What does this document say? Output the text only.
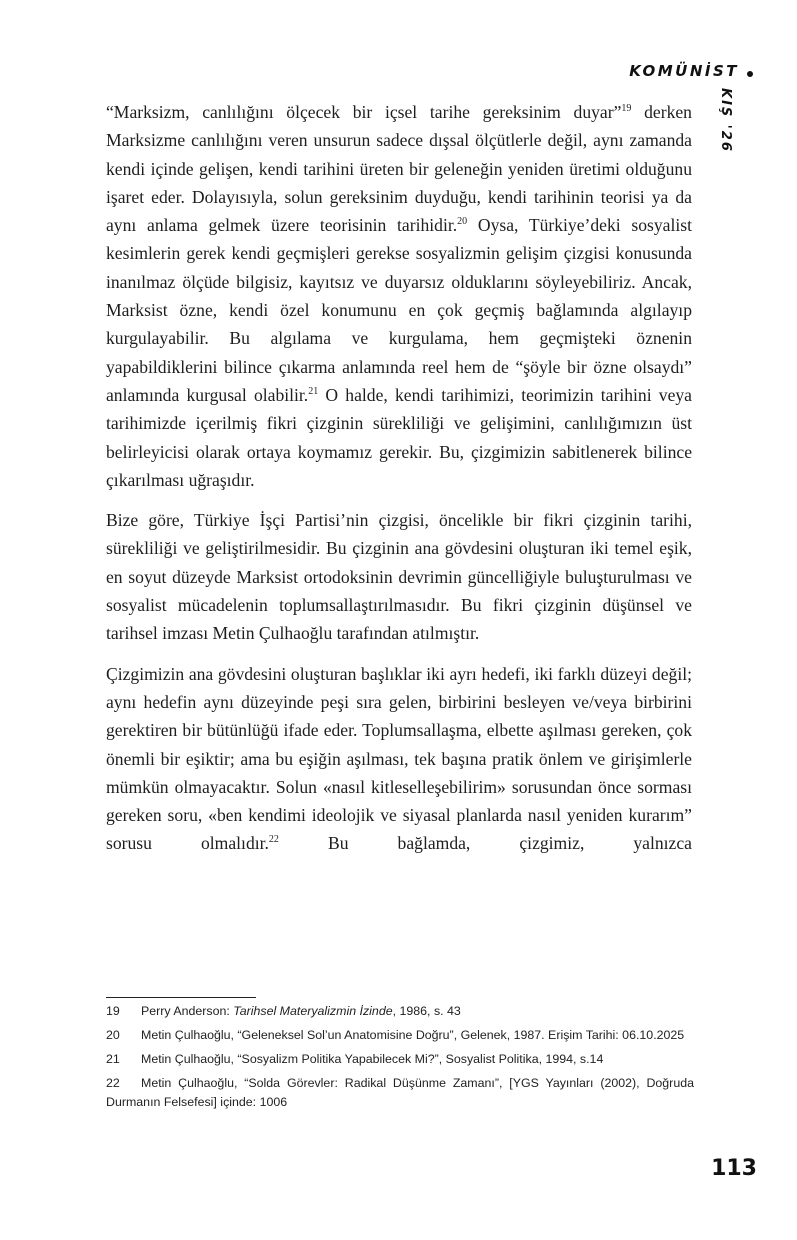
KOMÜNİST
KIŞ '26

“Marksizm, canlılığını ölçecek bir içsel tarihe gereksinim duyar”$^{19}$ derken Marksizme canlılığını veren unsurun sadece dışsal ölçütlerle değil, aynı zamanda kendi içinde gelişen, kendi tarihini üreten bir geleneğin yeniden üretimi olduğunu işaret eder. Dolayısıyla, solun gereksinim duyduğu, kendi tarihinin teorisi ya da aynı anlama gelmek üzere teorisinin tarihidir.$^{20}$ Oysa, Türkiye’deki sosyalist kesimlerin gerek kendi geçmişleri gerekse sosyalizmin gelişim çizgisi konusunda inanılmaz ölçüde bilgisiz, kayıtsız ve duyarsız olduklarını söyleyebiliriz. Ancak, Marksist özne, kendi özel konumunu en çok geçmiş bağlamında algılayıp kurgulayabilir. Bu algılama ve kurgulama, hem geçmişteki öznenin yapabildiklerini bilince çıkarma anlamında reel hem de “şöyle bir özne olsaydı” anlamında kurgusal olabilir.$^{21}$ O halde, kendi tarihimizi, teorimizin tarihini veya tarihimizde içerilmiş fikri çizginin sürekliliği ve gelişimini, canlılığımızın üst belirleyicisi olarak ortaya koymamız gerekir. Bu, çizgimizin sabitlenerek bilince çıkarılması uğraşıdır.

Bize göre, Türkiye İşçi Partisi’nin çizgisi, öncelikle bir fikri çizginin tarihi, sürekliliği ve geliştirilmesidir. Bu çizginin ana gövdesini oluşturan iki temel eşik, en soyut düzeyde Marksist ortodoksinin devrimin güncelliğiyle buluşturulması ve sosyalist mücadelenin toplumsallaştırılmasıdır. Bu fikri çizginin düşünsel ve tarihsel imzası Metin Çulhaoğlu tarafından atılmıştır.

Çizgimizin ana gövdesini oluşturan başlıklar iki ayrı hedefi, iki farklı düzeyi değil; aynı hedefin aynı düzeyinde peşi sıra gelen, birbirini besleyen ve/veya birbirini gerektiren bir bütünlüğü ifade eder. Toplumsallaşma, elbette aşılması gereken, çok önemli bir eşiktir; ama bu eşiğin aşılması, tek başına pratik önlem ve girişimlerle mümkün olmayacaktır. Solun «nasıl kitleselleşebilirim» sorusundan önce sorması gereken soru, «ben kendimi ideolojik ve siyasal planlarda nasıl yeniden kurarım” sorusu olmalıdır.$^{22}$ Bu bağlamda, çizgimiz, yalnızca

19 Perry Anderson: Tarihsel Materyalizmin İzinde, 1986, s. 43
20 Metin Çulhaoğlu, “Geleneksel Sol’un Anatomisine Doğru”, Gelenek, 1987. Erişim Tarihi: 06.10.2025
21 Metin Çulhaoğlu, “Sosyalizm Politika Yapabilecek Mi?”, Sosyalist Politika, 1994, s.14
22 Metin Çulhaoğlu, “Solda Görevler: Radikal Düşünme Zamanı”, [YGS Yayınları (2002), Doğruda Durmanın Felsefesi] içinde: 1006
113
